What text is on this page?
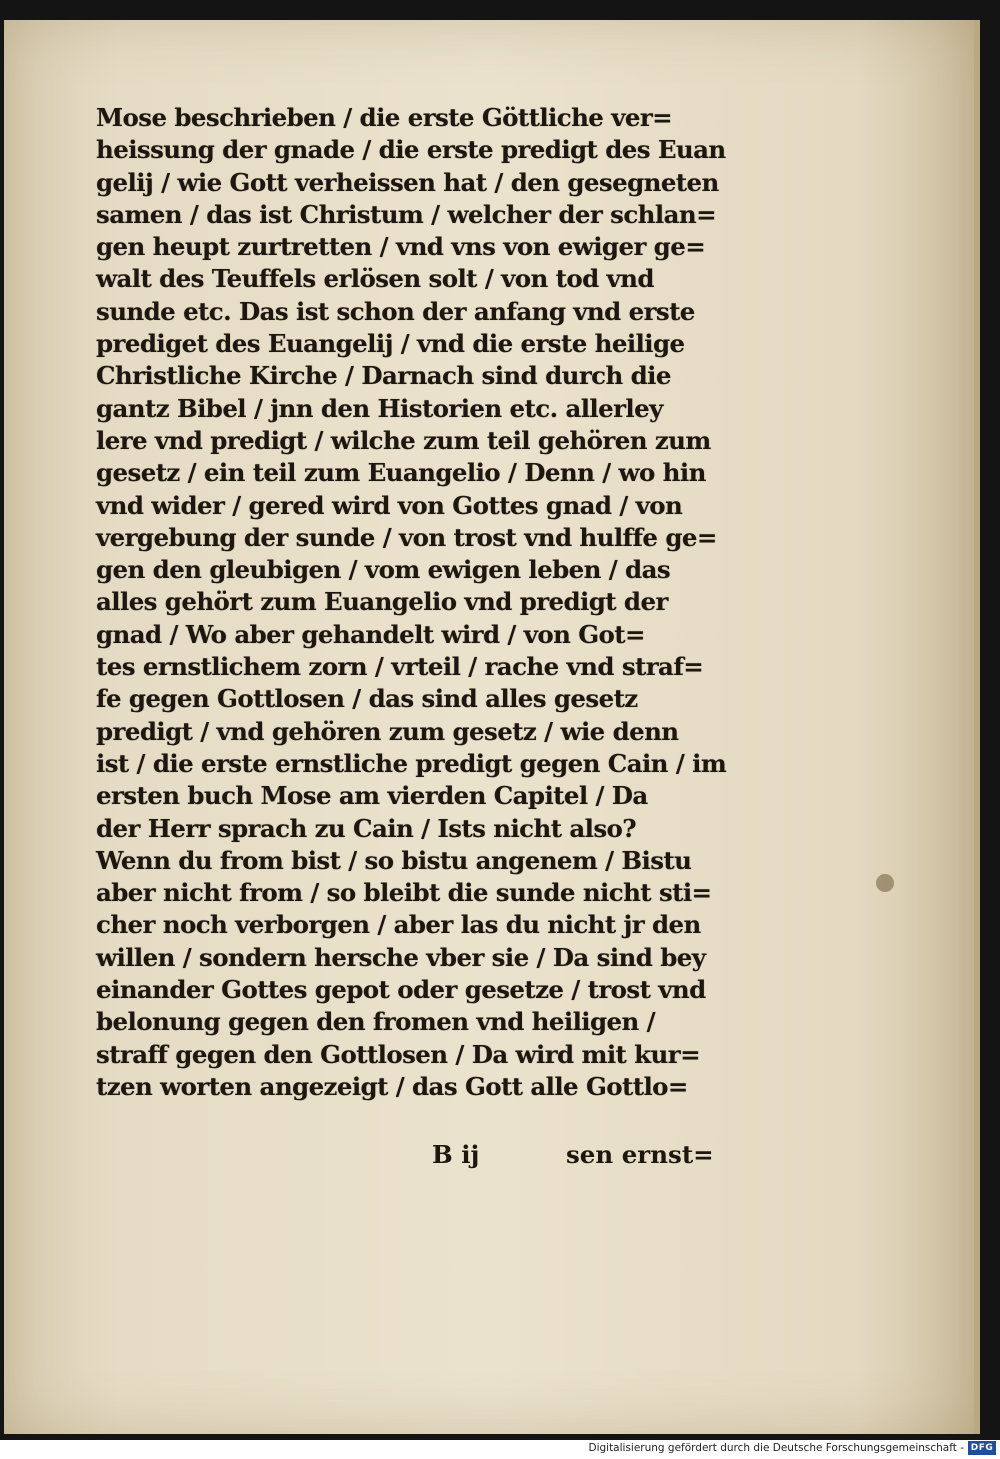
Mose beschrieben / die erste Göttliche ver=
heissung der gnade / die erste predigt des Euan
gelij / wie Gott verheissen hat / den gesegneten
samen / das ist Christum / welcher der schlan=
gen heupt zurtretten / vnd vns von ewiger ge=
walt des Teuffels erlösen solt / von tod vnd
sunde etc. Das ist schon der anfang vnd erste
prediget des Euangelij / vnd die erste heilige
Christliche Kirche / Darnach sind durch die
gantz Bibel / jnn den Historien etc. allerley
lere vnd predigt / wilche zum teil gehören zum
gesetz / ein teil zum Euangelio / Denn / wo hin
vnd wider / gered wird von Gottes gnad / von
vergebung der sunde / von trost vnd hulffe ge=
gen den gleubigen / vom ewigen leben / das
alles gehört zum Euangelio vnd predigt der
gnad / Wo aber gehandelt wird / von Got=
tes ernstlichem zorn / vrteil / rache vnd straf=
fe gegen Gottlosen / das sind alles gesetz
predigt / vnd gehören zum gesetz / wie denn
ist / die erste ernstliche predigt gegen Cain / im
ersten buch Mose am vierden Capitel / Da
der Herr sprach zu Cain / Ists nicht also?
Wenn du from bist / so bistu angenem / Bistu
aber nicht from / so bleibt die sunde nicht sti=
cher noch verborgen / aber las du nicht jr den
willen / sondern hersche vber sie / Da sind bey
einander Gottes gepot oder gesetze / trost vnd
belonung gegen den fromen vnd heiligen /
straff gegen den Gottlosen / Da wird mit kur=
tzen worten angezeigt / das Gott alle Gottlo=
B ij	sen ernst=
Digitalisierung gefördert durch die Deutsche Forschungsgemeinschaft - DFG
